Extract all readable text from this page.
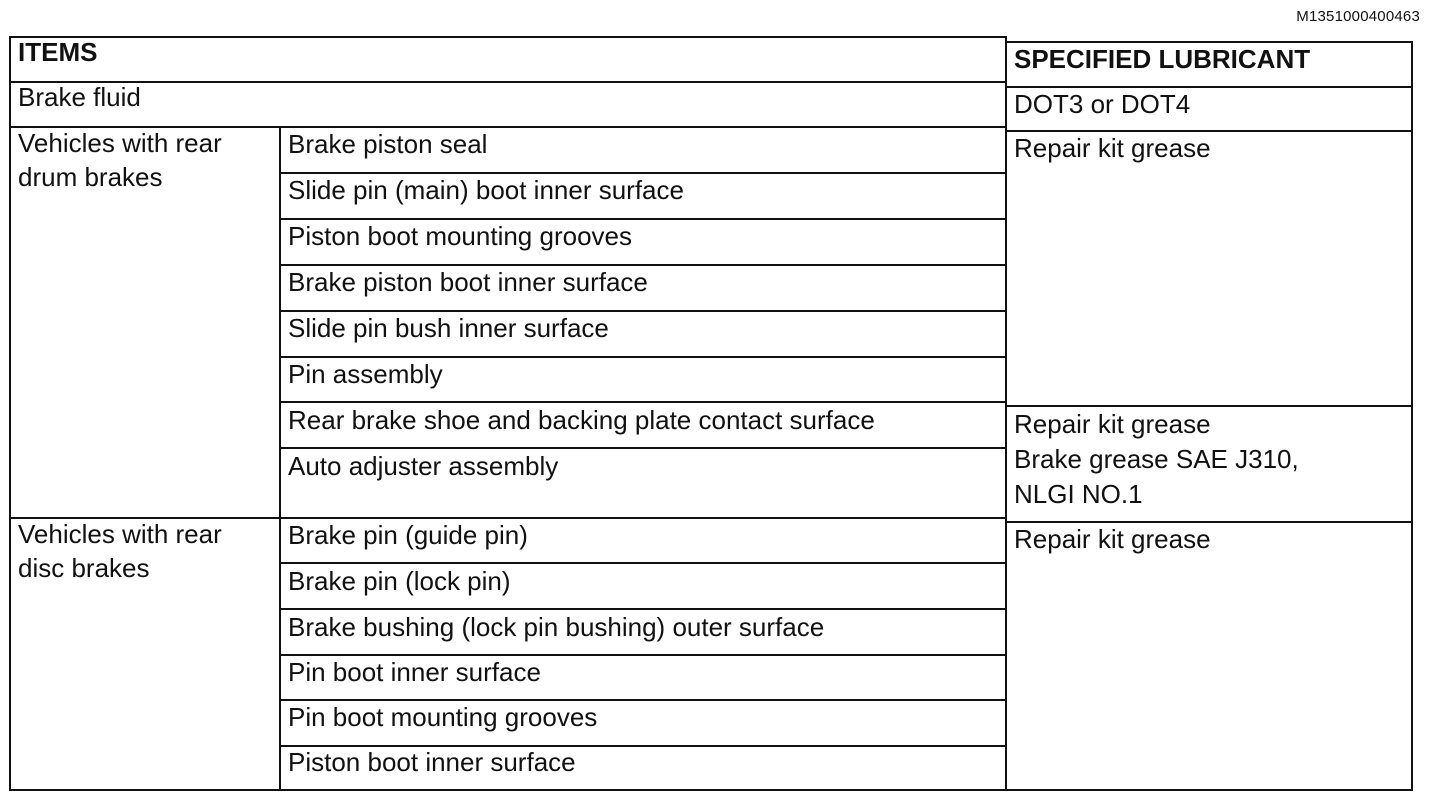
M1351000400463
ITEMS	SPECIFIED LUBRICANT
Brake fluid	DOT3 or DOT4
Vehicles with rear
drum brakes
Brake piston seal
Slide pin (main) boot inner surface
Piston boot mounting grooves
Brake piston boot inner surface
Slide pin bush inner surface
Pin assembly
Rear brake shoe and backing plate contact surface
Auto adjuster assembly
Repair kit grease
Repair kit grease
Brake grease SAE J310,
NLGI NO.1
Vehicles with rear
disc brakes
Brake pin (guide pin)
Brake pin (lock pin)
Brake bushing (lock pin bushing) outer surface
Pin boot inner surface
Pin boot mounting grooves
Piston boot inner surface
Repair kit grease
